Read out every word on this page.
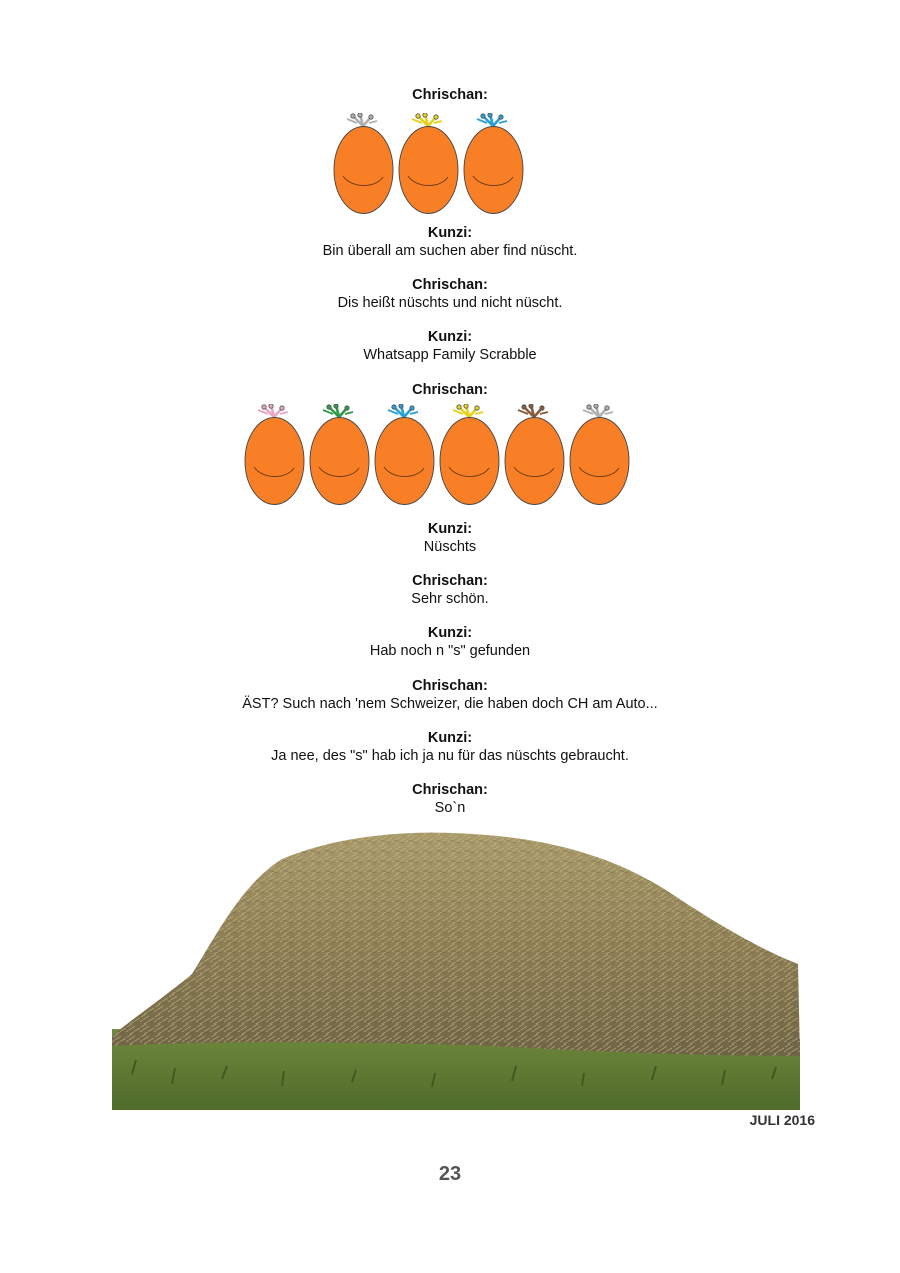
Chrischan:
Kunzi:
Bin überall am suchen aber find nüscht.
Chrischan:
Dis heißt nüschts und nicht nüscht.
Kunzi:
Whatsapp Family Scrabble
Chrischan:
Kunzi:
Nüschts
Chrischan:
Sehr schön.
Kunzi:
Hab noch n "s" gefunden
Chrischan:
ÄST? Such nach 'nem Schweizer, die haben doch CH am Auto...
Kunzi:
Ja nee, des "s" hab ich ja nu für das nüschts gebraucht.
Chrischan:
So`n
JULI 2016
23
